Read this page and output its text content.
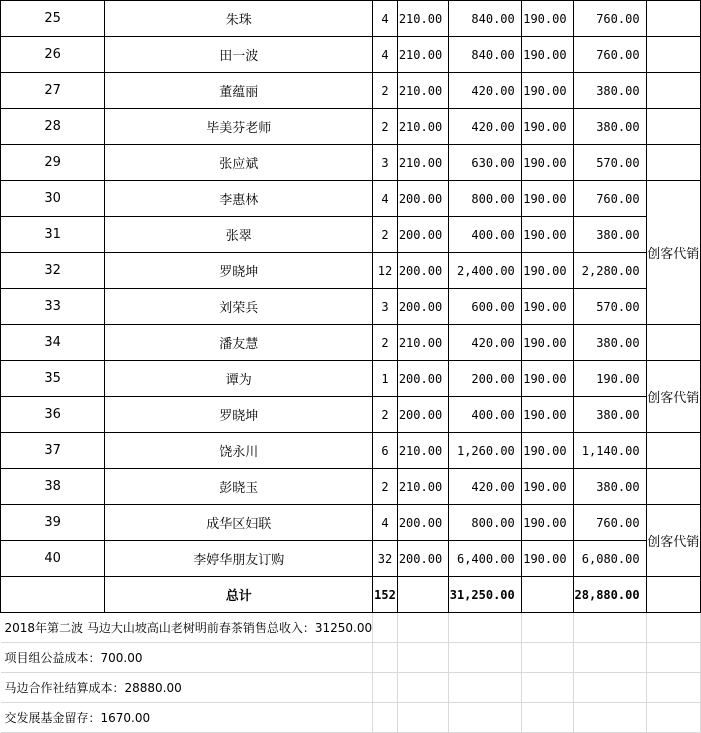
25	朱珠	4	210.00	840.00	190.00	760.00	
26	田一波	4	210.00	840.00	190.00	760.00	
27	董蕴丽	2	210.00	420.00	190.00	380.00	
28	毕美芬老师	2	210.00	420.00	190.00	380.00	
29	张应斌	3	210.00	630.00	190.00	570.00	
30	李惠林	4	200.00	800.00	190.00	760.00	创客代销
31	张翠	2	200.00	400.00	190.00	380.00	
32	罗晓坤	12	200.00	2,400.00	190.00	2,280.00	
33	刘荣兵	3	200.00	600.00	190.00	570.00	
34	潘友慧	2	210.00	420.00	190.00	380.00	
35	谭为	1	200.00	200.00	190.00	190.00	创客代销
36	罗晓坤	2	200.00	400.00	190.00	380.00	
37	饶永川	6	210.00	1,260.00	190.00	1,140.00	
38	彭晓玉	2	210.00	420.00	190.00	380.00	
39	成华区妇联	4	200.00	800.00	190.00	760.00	创客代销
40	李婷华朋友订购	32	200.00	6,400.00	190.00	6,080.00	
	总计	152		31,250.00		28,880.00	
2018年第二波 马边大山坡高山老树明前春茶销售总收入：31250.00							
项目组公益成本：700.00							
马边合作社结算成本：28880.00							
交发展基金留存：1670.00							
